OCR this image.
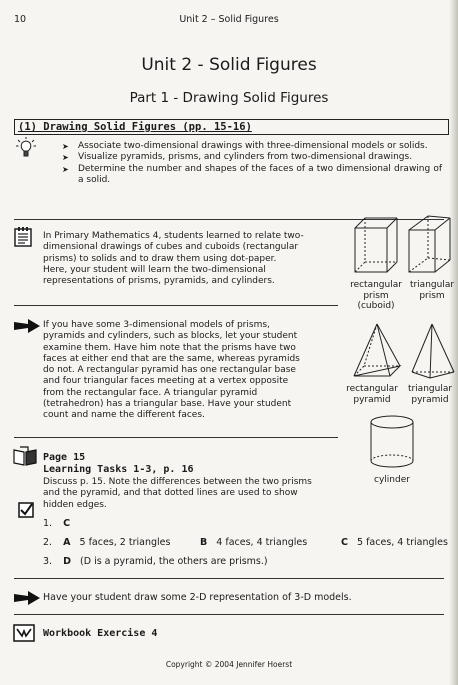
10	Unit 2 – Solid Figures
Unit 2 - Solid Figures
Part 1 - Drawing Solid Figures
(1) Drawing Solid Figures (pp. 15-16)
➤ Associate two-dimensional drawings with three-dimensional models or solids.
➤ Visualize pyramids, prisms, and cylinders from two-dimensional drawings.
➤ Determine the number and shapes of the faces of a two dimensional drawing of a solid.
In Primary Mathematics 4, students learned to relate two-
dimensional drawings of cubes and cuboids (rectangular
prisms) to solids and to draw them using dot-paper.
Here, your student will learn the two-dimensional
representations of prisms, pyramids, and cylinders.	rectangular
prism
(cuboid)
triangular
prism
If you have some 3-dimensional models of prisms,
pyramids and cylinders, such as blocks, let your student
examine them. Have him note that the prisms have two
faces at either end that are the same, whereas pyramids
do not. A rectangular pyramid has one rectangular base
and four triangular faces meeting at a vertex opposite
from the rectangular face. A triangular pyramid
(tetrahedron) has a triangular base. Have your student
count and name the different faces.
rectangular
pyramid
triangular
pyramid
cylinder
Page 15
Learning Tasks 1-3, p. 16
Discuss p. 15. Note the differences between the two prisms
and the pyramid, and that dotted lines are used to show
hidden edges.
1. C
2. A 5 faces, 2 triangles	B 4 faces, 4 triangles	C 5 faces, 4 triangles
3. D (D is a pyramid, the others are prisms.)
Have your student draw some 2-D representation of 3-D models.
Workbook Exercise 4
Copyright © 2004 Jennifer Hoerst
